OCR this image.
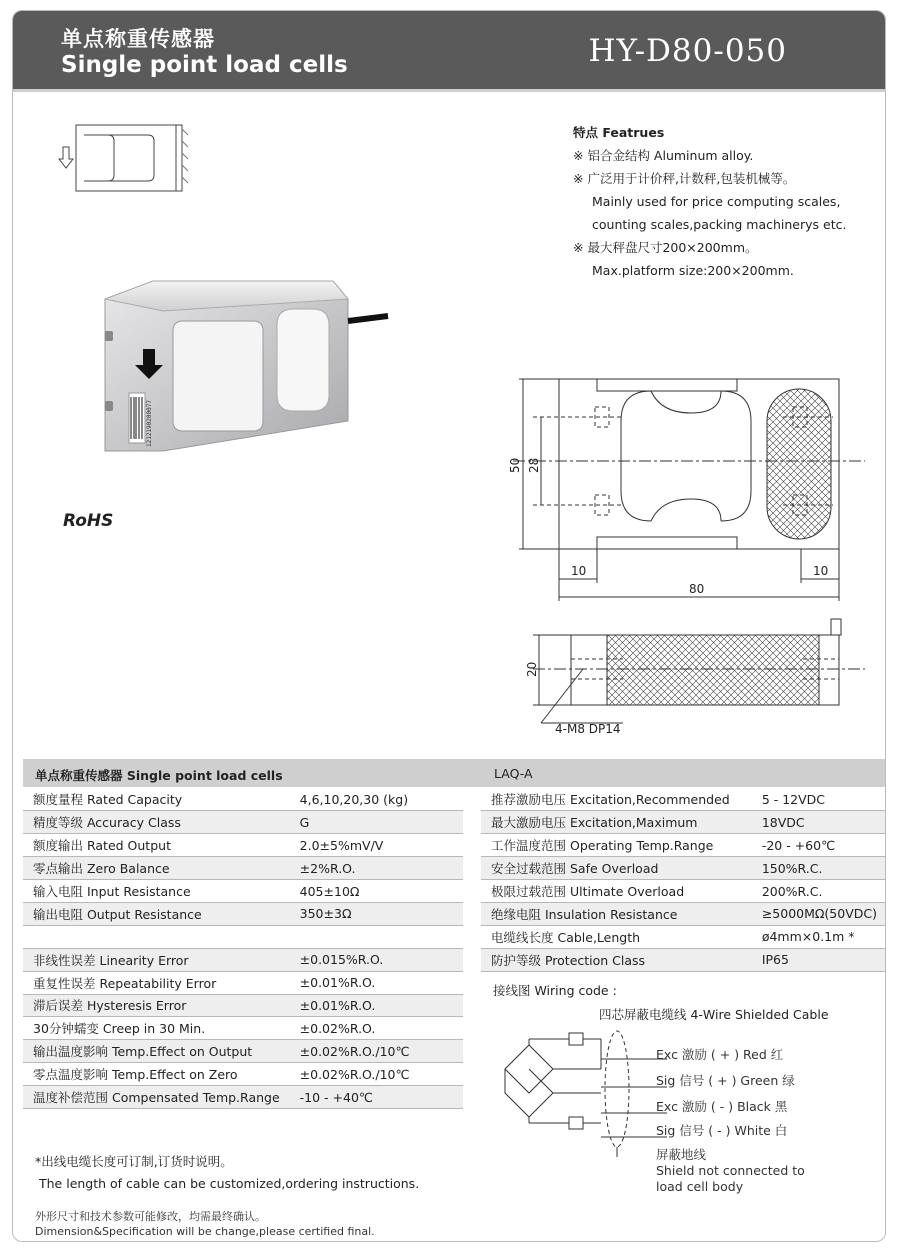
单点称重传感器
Single point load cells	HY-D80-050
1212190200077
RoHS
特点 Featrues
※ 铝合金结构 Aluminum alloy.
※ 广泛用于计价秤,计数秤,包装机械等。
Mainly used for price computing scales,
counting scales,packing machinerys etc.
※ 最大秤盘尺寸200×200mm。
Max.platform size:200×200mm.
50 28
10	10
80
20
4-M8 DP14
单点称重传感器 Single point load cells	LAQ-A
额度量程 Rated Capacity	4,6,10,20,30 (kg)
精度等级 Accuracy Class	G
额度输出 Rated Output	2.0±5%mV/V
零点输出 Zero Balance	±2%R.O.
输入电阻 Input Resistance	405±10Ω
输出电阻 Output Resistance	350±3Ω

非线性误差 Linearity Error	±0.015%R.O.
重复性误差 Repeatability Error	±0.01%R.O.
滞后误差 Hysteresis Error	±0.01%R.O.
30分钟蠕变 Creep in 30 Min.	±0.02%R.O.
输出温度影响 Temp.Effect on Output	±0.02%R.O./10℃
零点温度影响 Temp.Effect on Zero	±0.02%R.O./10℃
温度补偿范围 Compensated Temp.Range	-10 - +40℃
推荐激励电压 Excitation,Recommended	5 - 12VDC
最大激励电压 Excitation,Maximum	18VDC
工作温度范围 Operating Temp.Range	-20 - +60℃
安全过载范围 Safe Overload	150%R.C.
极限过载范围 Ultimate Overload	200%R.C.
绝缘电阻 Insulation Resistance	≥5000MΩ(50VDC)
电缆线长度 Cable,Length	ø4mm×0.1m *
防护等级 Protection Class	IP65
接线图 Wiring code :
四芯屏蔽电缆线 4-Wire Shielded Cable
Exc 激励 ( + ) Red 红
Sig 信号 ( + ) Green 绿
Exc 激励 ( - ) Black 黑
Sig 信号 ( - ) White 白
屏蔽地线
Shield not connected to
load cell body
*出线电缆长度可订制,订货时说明。
The length of cable can be customized,ordering instructions.
外形尺寸和技术参数可能修改，均需最终确认。
Dimension&Specification will be change,please certified final.
